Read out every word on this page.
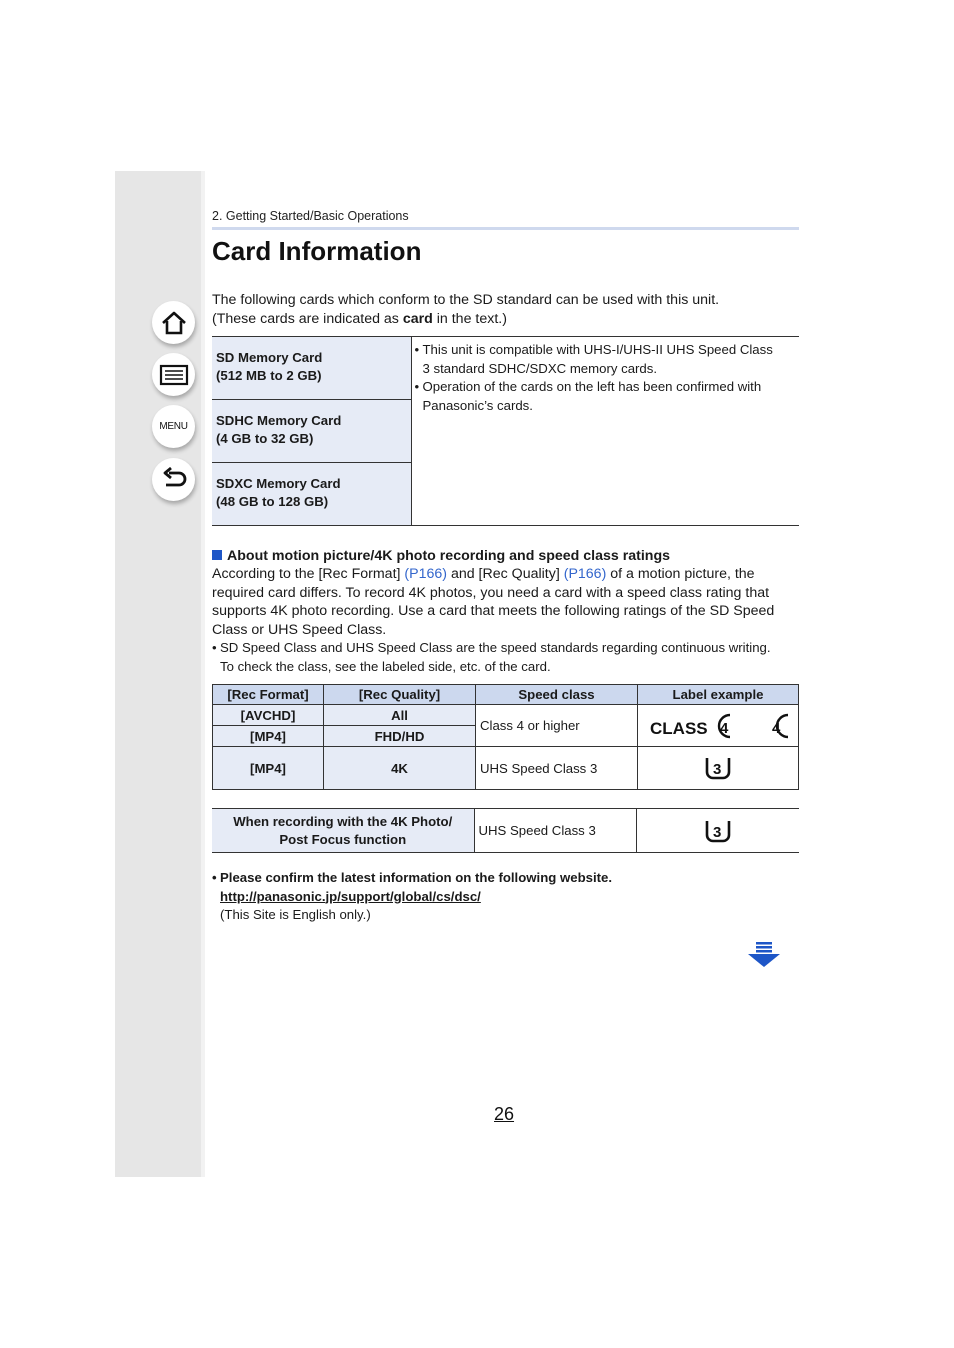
MENU
2. Getting Started/Basic Operations
Card Information
The following cards which conform to the SD standard can be used with this unit.
(These cards are indicated as card in the text.)
SD Memory Card
(512 MB to 2 GB)

• This unit is compatible with UHS-I/UHS-II UHS Speed Class
3 standard SDHC/SDXC memory cards.
• Operation of the cards on the left has been confirmed with
Panasonic’s cards.

SDHC Memory Card
(4 GB to 32 GB)

SDXC Memory Card
(48 GB to 128 GB)
About motion picture/4K photo recording and speed class ratings
According to the [Rec Format] (P166) and [Rec Quality] (P166) of a motion picture, the
required card differs. To record 4K photos, you need a card with a speed class rating that
supports 4K photo recording. Use a card that meets the following ratings of the SD Speed
Class or UHS Speed Class.
• SD Speed Class and UHS Speed Class are the speed standards regarding continuous writing.
To check the class, see the labeled side, etc. of the card.
[Rec Format]	[Rec Quality]	Speed class	Label example
[AVCHD]	All	Class 4 or higher	CLASS 4 4

[MP4]	FHD/HD		
[MP4]	4K	UHS Speed Class 3	3
When recording with the 4K Photo/
Post Focus function
	UHS Speed Class 3	3
• Please confirm the latest information on the following website.
http://panasonic.jp/support/global/cs/dsc/
(This Site is English only.)
26
